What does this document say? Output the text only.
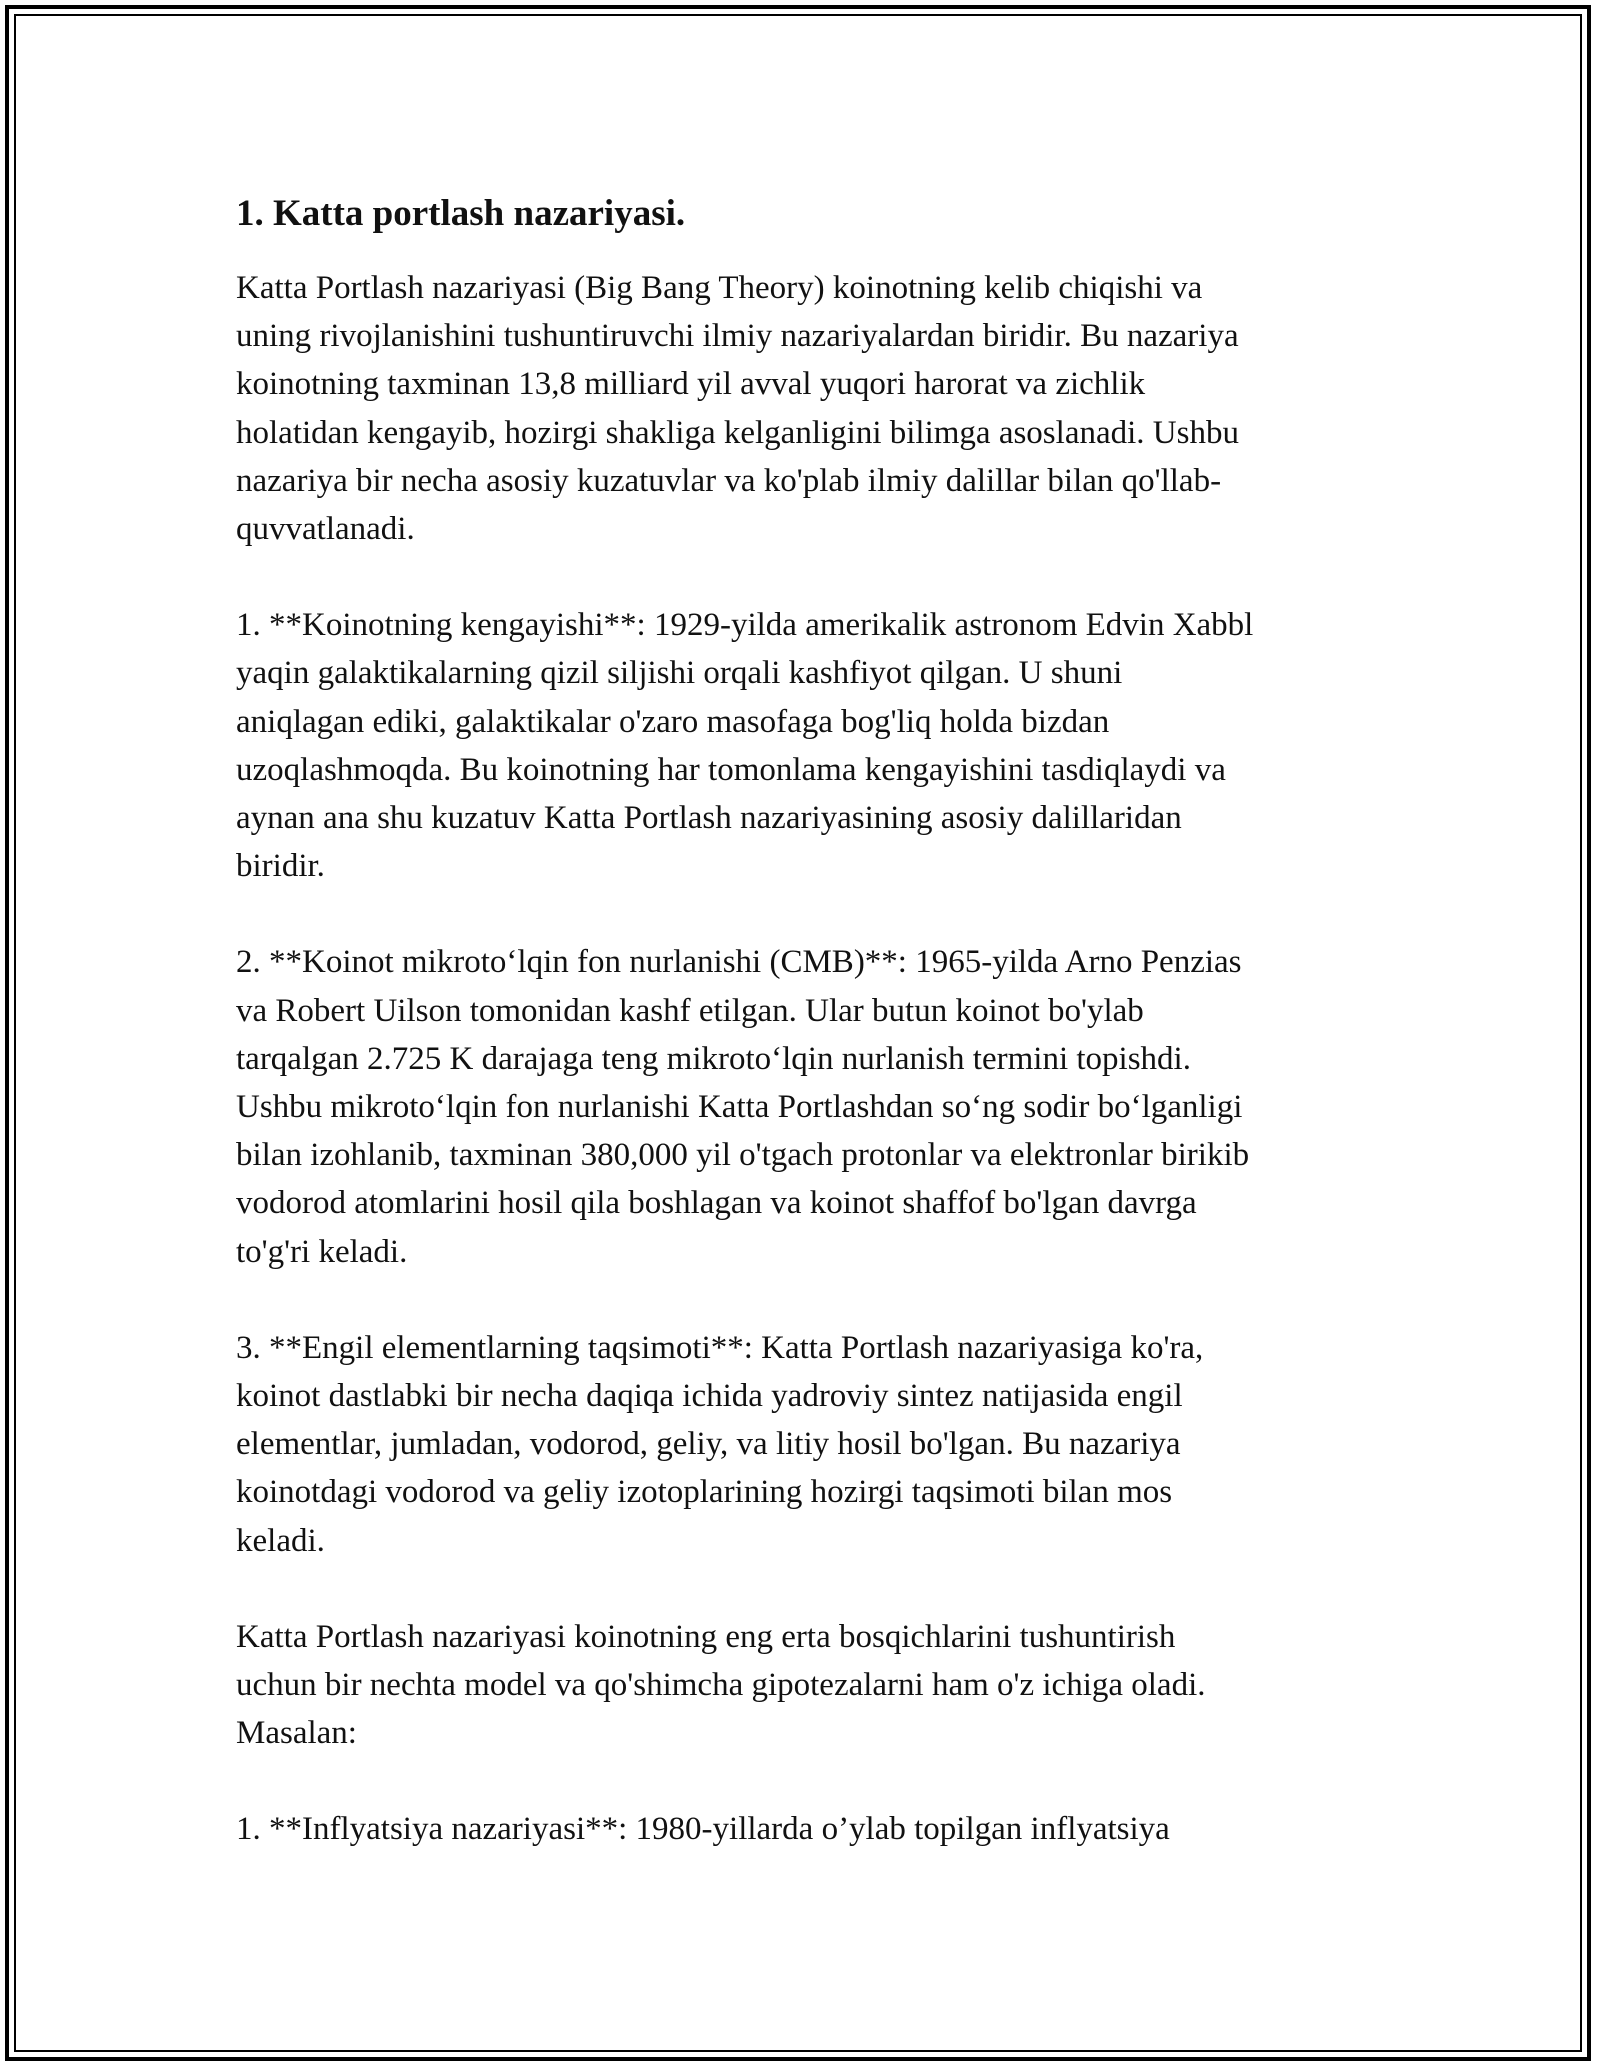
1. Katta portlash nazariyasi.

Katta Portlash nazariyasi (Big Bang Theory) koinotning kelib chiqishi va
uning rivojlanishini tushuntiruvchi ilmiy nazariyalardan biridir. Bu nazariya
koinotning taxminan 13,8 milliard yil avval yuqori harorat va zichlik
holatidan kengayib, hozirgi shakliga kelganligini bilimga asoslanadi. Ushbu
nazariya bir necha asosiy kuzatuvlar va ko'plab ilmiy dalillar bilan qo'llab-
quvvatlanadi.

1. **Koinotning kengayishi**: 1929-yilda amerikalik astronom Edvin Xabbl
yaqin galaktikalarning qizil siljishi orqali kashfiyot qilgan. U shuni
aniqlagan ediki, galaktikalar o'zaro masofaga bog'liq holda bizdan
uzoqlashmoqda. Bu koinotning har tomonlama kengayishini tasdiqlaydi va
aynan ana shu kuzatuv Katta Portlash nazariyasining asosiy dalillaridan
biridir.

2. **Koinot mikroto‘lqin fon nurlanishi (CMB)**: 1965-yilda Arno Penzias
va Robert Uilson tomonidan kashf etilgan. Ular butun koinot bo'ylab
tarqalgan 2.725 K darajaga teng mikroto‘lqin nurlanish termini topishdi.
Ushbu mikroto‘lqin fon nurlanishi Katta Portlashdan so‘ng sodir bo‘lganligi
bilan izohlanib, taxminan 380,000 yil o'tgach protonlar va elektronlar birikib
vodorod atomlarini hosil qila boshlagan va koinot shaffof bo'lgan davrga
to'g'ri keladi.

3. **Engil elementlarning taqsimoti**: Katta Portlash nazariyasiga ko'ra,
koinot dastlabki bir necha daqiqa ichida yadroviy sintez natijasida engil
elementlar, jumladan, vodorod, geliy, va litiy hosil bo'lgan. Bu nazariya
koinotdagi vodorod va geliy izotoplarining hozirgi taqsimoti bilan mos
keladi.

Katta Portlash nazariyasi koinotning eng erta bosqichlarini tushuntirish
uchun bir nechta model va qo'shimcha gipotezalarni ham o'z ichiga oladi.
Masalan:

1. **Inflyatsiya nazariyasi**: 1980-yillarda o’ylab topilgan inflyatsiya
